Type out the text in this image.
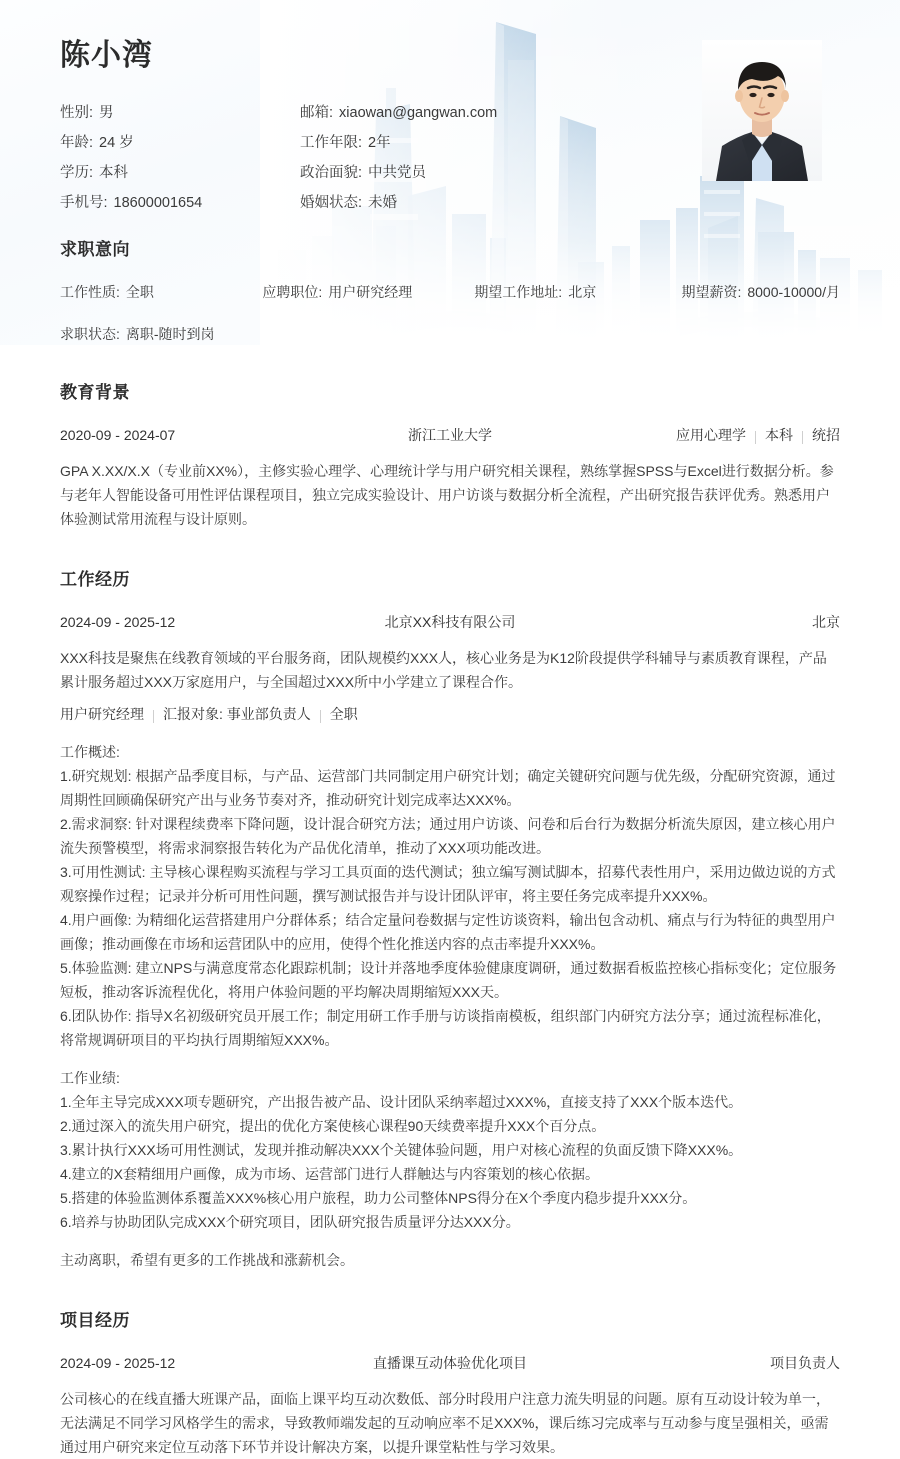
陈小湾
性别: 男	邮箱: xiaowan@gangwan.com
年龄: 24 岁	工作年限: 2年
学历: 本科	政治面貌: 中共党员
手机号: 18600001654	婚姻状态: 未婚
求职意向
工作性质: 全职	应聘职位: 用户研究经理	期望工作地址: 北京	期望薪资: 8000-10000/月
求职状态: 离职-随时到岗
教育背景
2020-09 - 2024-07	浙江工业大学	应用心理学 本科 统招

GPA X.XX/X.X（专业前XX%），主修实验心理学、心理统计学与用户研究相关课程，熟练掌握SPSS与Excel进行数据分析。参与老年人智能设备可用性评估课程项目，独立完成实验设计、用户访谈与数据分析全流程，产出研究报告获评优秀。熟悉用户体验测试常用流程与设计原则。

工作经历
2024-09 - 2025-12	北京XX科技有限公司	北京

XXX科技是聚焦在线教育领域的平台服务商，团队规模约XXX人，核心业务是为K12阶段提供学科辅导与素质教育课程，产品累计服务超过XXX万家庭用户，与全国超过XXX所中小学建立了课程合作。

用户研究经理 汇报对象: 事业部负责人 全职

工作概述:

1.研究规划: 根据产品季度目标，与产品、运营部门共同制定用户研究计划；确定关键研究问题与优先级，分配研究资源，通过周期性回顾确保研究产出与业务节奏对齐，推动研究计划完成率达XXX%。

2.需求洞察: 针对课程续费率下降问题，设计混合研究方法；通过用户访谈、问卷和后台行为数据分析流失原因，建立核心用户流失预警模型，将需求洞察报告转化为产品优化清单，推动了XXX项功能改进。

3.可用性测试: 主导核心课程购买流程与学习工具页面的迭代测试；独立编写测试脚本，招募代表性用户，采用边做边说的方式观察操作过程；记录并分析可用性问题，撰写测试报告并与设计团队评审，将主要任务完成率提升XXX%。

4.用户画像: 为精细化运营搭建用户分群体系；结合定量问卷数据与定性访谈资料，输出包含动机、痛点与行为特征的典型用户画像；推动画像在市场和运营团队中的应用，使得个性化推送内容的点击率提升XXX%。

5.体验监测: 建立NPS与满意度常态化跟踪机制；设计并落地季度体验健康度调研，通过数据看板监控核心指标变化；定位服务短板，推动客诉流程优化，将用户体验问题的平均解决周期缩短XXX天。

6.团队协作: 指导X名初级研究员开展工作；制定用研工作手册与访谈指南模板，组织部门内研究方法分享；通过流程标准化，将常规调研项目的平均执行周期缩短XXX%。

工作业绩:

1.全年主导完成XXX项专题研究，产出报告被产品、设计团队采纳率超过XXX%，直接支持了XXX个版本迭代。

2.通过深入的流失用户研究，提出的优化方案使核心课程90天续费率提升XXX个百分点。

3.累计执行XXX场可用性测试，发现并推动解决XXX个关键体验问题，用户对核心流程的负面反馈下降XXX%。

4.建立的X套精细用户画像，成为市场、运营部门进行人群触达与内容策划的核心依据。

5.搭建的体验监测体系覆盖XXX%核心用户旅程，助力公司整体NPS得分在X个季度内稳步提升XXX分。

6.培养与协助团队完成XXX个研究项目，团队研究报告质量评分达XXX分。

主动离职，希望有更多的工作挑战和涨薪机会。

项目经历
2024-09 - 2025-12	直播课互动体验优化项目	项目负责人

公司核心的在线直播大班课产品，面临上课平均互动次数低、部分时段用户注意力流失明显的问题。原有互动设计较为单一，无法满足不同学习风格学生的需求，导致教师端发起的互动响应率不足XXX%，课后练习完成率与互动参与度呈强相关，亟需通过用户研究来定位互动落下环节并设计解决方案，以提升课堂粘性与学习效果。
